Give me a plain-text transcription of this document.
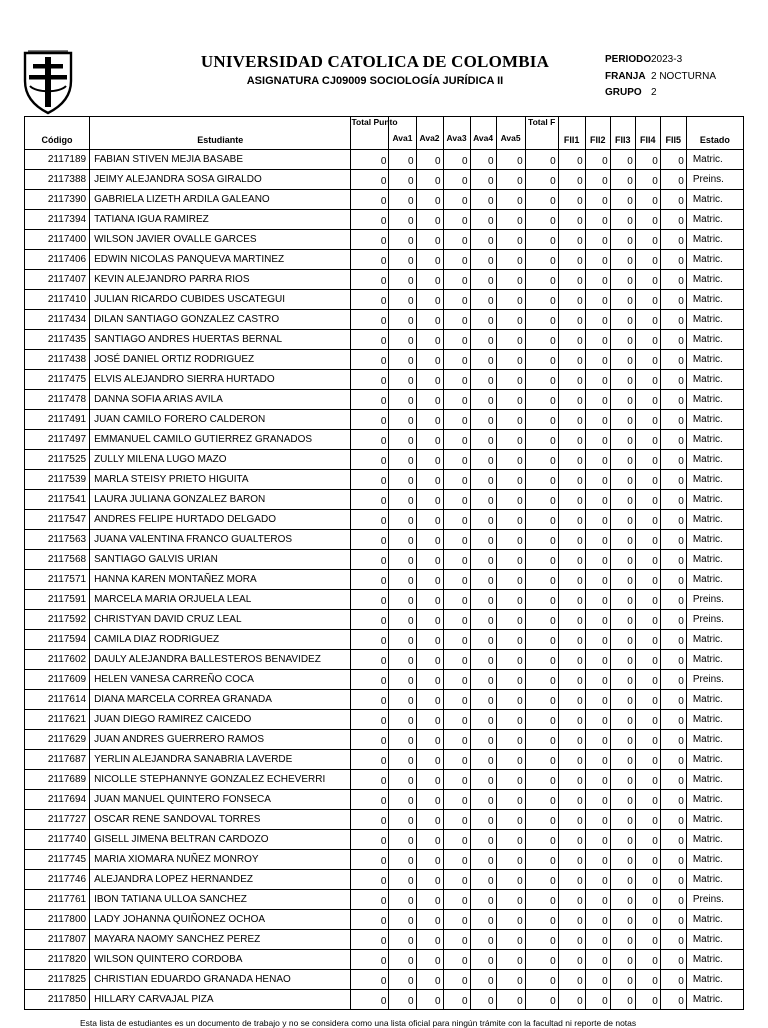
UNIVERSIDAD CATOLICA DE COLOMBIA
ASIGNATURA CJ09009 SOCIOLOGÍA JURÍDICA II
PERIODO 2023-3
FRANJA 2 NOCTURNA
GRUPO 2
Código	Estudiante	Total Punto	Ava1	Ava2	Ava3	Ava4	Ava5	Total F	FII1	FII2	FII3	FII4	FII5	Estado
2117189	FABIAN STIVEN MEJIA BASABE	0	0	0	0	0	0	0	0	0	0	0	0	Matric.
2117388	JEIMY ALEJANDRA SOSA GIRALDO	0	0	0	0	0	0	0	0	0	0	0	0	Preins.
2117390	GABRIELA LIZETH ARDILA GALEANO	0	0	0	0	0	0	0	0	0	0	0	0	Matric.
2117394	TATIANA IGUA RAMIREZ	0	0	0	0	0	0	0	0	0	0	0	0	Matric.
2117400	WILSON JAVIER OVALLE GARCES	0	0	0	0	0	0	0	0	0	0	0	0	Matric.
2117406	EDWIN NICOLAS PANQUEVA MARTINEZ	0	0	0	0	0	0	0	0	0	0	0	0	Matric.
2117407	KEVIN ALEJANDRO PARRA RIOS	0	0	0	0	0	0	0	0	0	0	0	0	Matric.
2117410	JULIAN RICARDO CUBIDES USCATEGUI	0	0	0	0	0	0	0	0	0	0	0	0	Matric.
2117434	DILAN SANTIAGO GONZALEZ CASTRO	0	0	0	0	0	0	0	0	0	0	0	0	Matric.
2117435	SANTIAGO ANDRES HUERTAS BERNAL	0	0	0	0	0	0	0	0	0	0	0	0	Matric.
2117438	JOSÉ DANIEL ORTIZ RODRIGUEZ	0	0	0	0	0	0	0	0	0	0	0	0	Matric.
2117475	ELVIS ALEJANDRO SIERRA HURTADO	0	0	0	0	0	0	0	0	0	0	0	0	Matric.
2117478	DANNA SOFIA ARIAS AVILA	0	0	0	0	0	0	0	0	0	0	0	0	Matric.
2117491	JUAN CAMILO FORERO CALDERON	0	0	0	0	0	0	0	0	0	0	0	0	Matric.
2117497	EMMANUEL CAMILO GUTIERREZ GRANADOS	0	0	0	0	0	0	0	0	0	0	0	0	Matric.
2117525	ZULLY MILENA LUGO MAZO	0	0	0	0	0	0	0	0	0	0	0	0	Matric.
2117539	MARLA STEISY PRIETO HIGUITA	0	0	0	0	0	0	0	0	0	0	0	0	Matric.
2117541	LAURA JULIANA GONZALEZ BARON	0	0	0	0	0	0	0	0	0	0	0	0	Matric.
2117547	ANDRES FELIPE HURTADO DELGADO	0	0	0	0	0	0	0	0	0	0	0	0	Matric.
2117563	JUANA VALENTINA FRANCO GUALTEROS	0	0	0	0	0	0	0	0	0	0	0	0	Matric.
2117568	SANTIAGO GALVIS URIAN	0	0	0	0	0	0	0	0	0	0	0	0	Matric.
2117571	HANNA KAREN MONTAÑEZ MORA	0	0	0	0	0	0	0	0	0	0	0	0	Matric.
2117591	MARCELA MARIA ORJUELA LEAL	0	0	0	0	0	0	0	0	0	0	0	0	Preins.
2117592	CHRISTYAN DAVID CRUZ LEAL	0	0	0	0	0	0	0	0	0	0	0	0	Preins.
2117594	CAMILA DIAZ RODRIGUEZ	0	0	0	0	0	0	0	0	0	0	0	0	Matric.
2117602	DAULY ALEJANDRA BALLESTEROS BENAVIDEZ	0	0	0	0	0	0	0	0	0	0	0	0	Matric.
2117609	HELEN VANESA CARREÑO COCA	0	0	0	0	0	0	0	0	0	0	0	0	Preins.
2117614	DIANA MARCELA CORREA GRANADA	0	0	0	0	0	0	0	0	0	0	0	0	Matric.
2117621	JUAN DIEGO RAMIREZ CAICEDO	0	0	0	0	0	0	0	0	0	0	0	0	Matric.
2117629	JUAN ANDRES GUERRERO RAMOS	0	0	0	0	0	0	0	0	0	0	0	0	Matric.
2117687	YERLIN ALEJANDRA SANABRIA LAVERDE	0	0	0	0	0	0	0	0	0	0	0	0	Matric.
2117689	NICOLLE STEPHANNYE GONZALEZ ECHEVERRI	0	0	0	0	0	0	0	0	0	0	0	0	Matric.
2117694	JUAN MANUEL QUINTERO FONSECA	0	0	0	0	0	0	0	0	0	0	0	0	Matric.
2117727	OSCAR RENE SANDOVAL TORRES	0	0	0	0	0	0	0	0	0	0	0	0	Matric.
2117740	GISELL JIMENA BELTRAN CARDOZO	0	0	0	0	0	0	0	0	0	0	0	0	Matric.
2117745	MARIA XIOMARA NUÑEZ MONROY	0	0	0	0	0	0	0	0	0	0	0	0	Matric.
2117746	ALEJANDRA LOPEZ HERNANDEZ	0	0	0	0	0	0	0	0	0	0	0	0	Matric.
2117761	IBON TATIANA ULLOA SANCHEZ	0	0	0	0	0	0	0	0	0	0	0	0	Preins.
2117800	LADY JOHANNA QUIÑONEZ OCHOA	0	0	0	0	0	0	0	0	0	0	0	0	Matric.
2117807	MAYARA NAOMY SANCHEZ PEREZ	0	0	0	0	0	0	0	0	0	0	0	0	Matric.
2117820	WILSON QUINTERO CORDOBA	0	0	0	0	0	0	0	0	0	0	0	0	Matric.
2117825	CHRISTIAN EDUARDO GRANADA HENAO	0	0	0	0	0	0	0	0	0	0	0	0	Matric.
2117850	HILLARY CARVAJAL PIZA	0	0	0	0	0	0	0	0	0	0	0	0	Matric.
Esta lista de estudiantes es un documento de trabajo y no se considera como una lista oficial para ningún trámite con la facultad ni reporte de notas
